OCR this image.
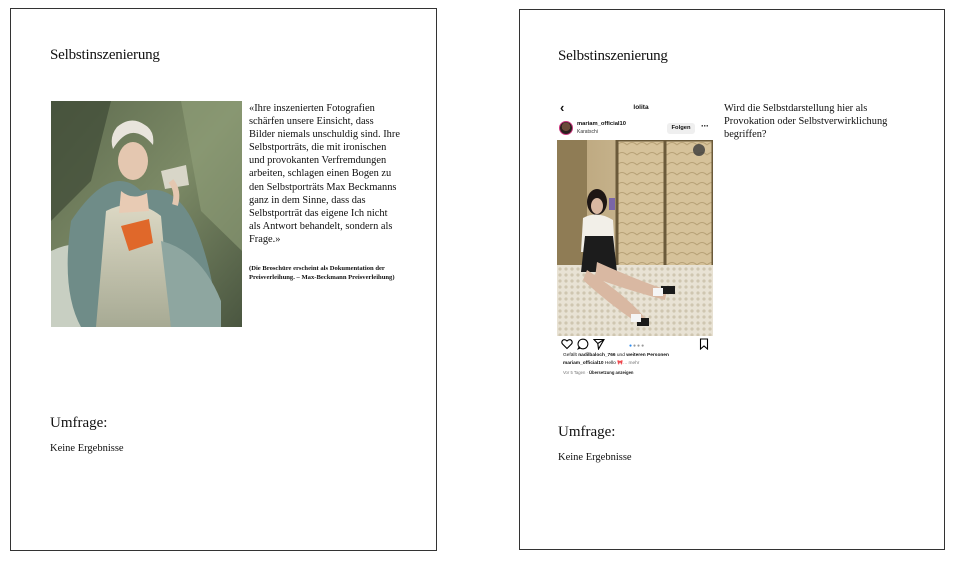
Selbstinszenierung
«Ihre inszenierten Fotografien schärfen unsere Einsicht, dass Bilder niemals unschuldig sind. Ihre Selbstporträts, die mit ironischen und provokanten Verfremdungen arbeiten, schlagen einen Bogen zu den Selbstporträts Max Beckmanns ganz in dem Sinne, dass das Selbstporträt das eigene Ich nicht als Antwort behandelt, sondern als Frage.»
(Die Broschüre erscheint als Dokumentation der Preisverleihung. – Max-Beckmann Preisverleihung)
Umfrage:
Keine Ergebnisse
Selbstinszenierung
‹	lolita
mariam_official10
Karatschi
Folgen	···
●●●●
Gefällt nadilbaloch_766 und weiteren Personen
mariam_official10 Hello 🎀... mehr
Vor 5 Tagen · Übersetzung anzeigen
Wird die Selbstdarstellung hier als Provokation oder Selbstverwirklichung begriffen?
Umfrage:
Keine Ergebnisse
